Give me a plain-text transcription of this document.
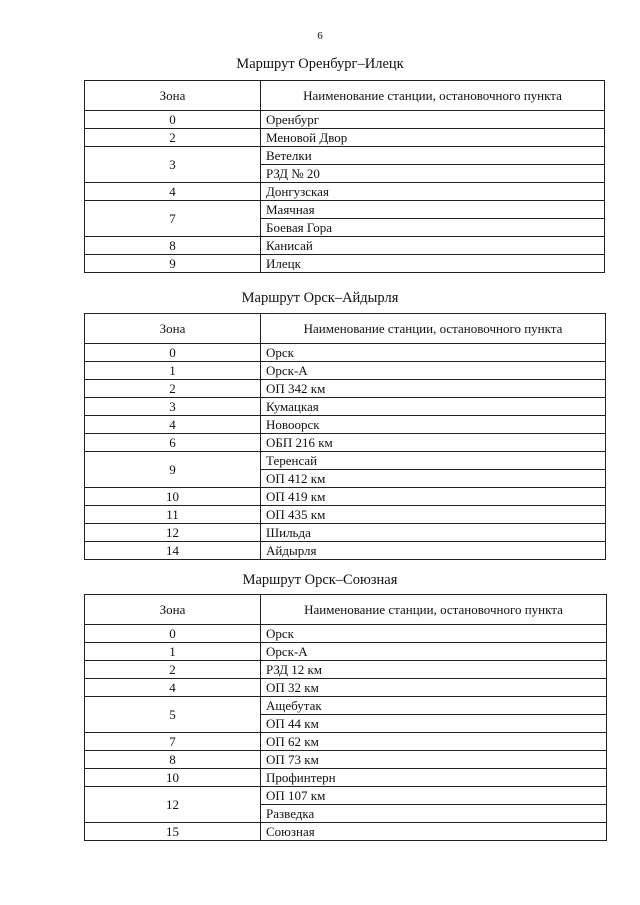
6
Маршрут Оренбург–Илецк
Зона	Наименование станции, остановочного пункта
0	Оренбург
2	Меновой Двор
3	Ветелки
	РЗД № 20
4	Донгузская
7	Маячная
	Боевая Гора
8	Канисай
9	Илецк
Маршрут Орск–Айдырля
Зона	Наименование станции, остановочного пункта
0	Орск
1	Орск-А
2	ОП 342 км
3	Кумацкая
4	Новоорск
6	ОБП 216 км
9	Теренсай
	ОП 412 км
10	ОП 419 км
11	ОП 435 км
12	Шильда
14	Айдырля
Маршрут Орск–Союзная
Зона	Наименование станции, остановочного пункта
0	Орск
1	Орск-А
2	РЗД 12 км
4	ОП 32 км
5	Ащебутак
	ОП 44 км
7	ОП 62 км
8	ОП 73 км
10	Профинтерн
12	ОП 107 км
	Разведка
15	Союзная
